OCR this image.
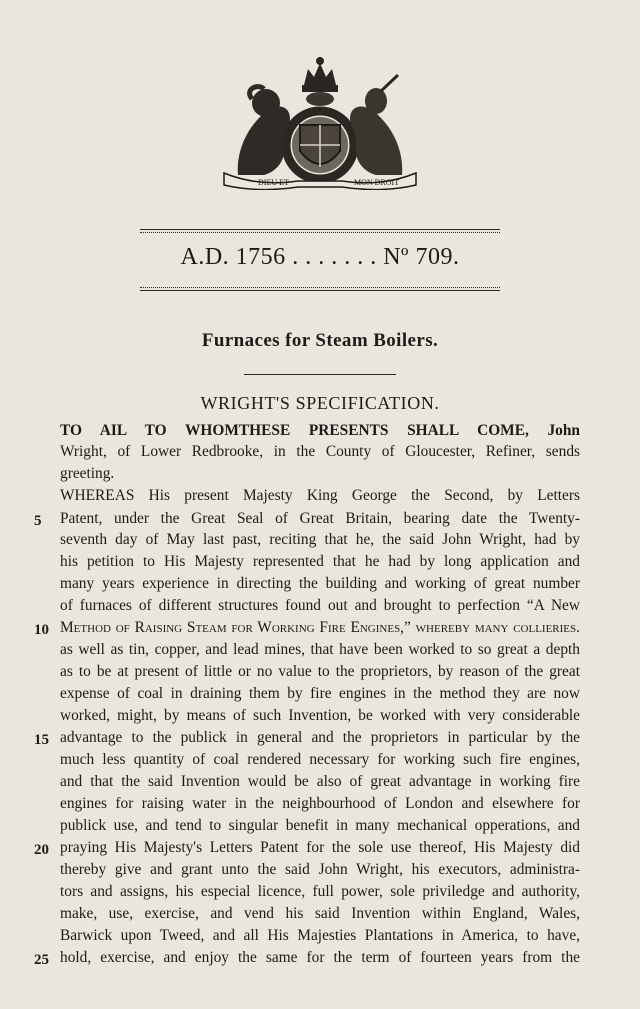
DIEU ET	MON DROIT
A.D. 1756 . . . . . . . Nº 709.
Furnaces for Steam Boilers.
WRIGHT'S SPECIFICATION.
TO AIL TO WHOMTHESE PRESENTS SHALL COME, John
Wright, of Lower Redbrooke, in the County of Gloucester, Refiner, sends
greeting.
WHEREAS His present Majesty King George the Second, by Letters
Patent, under the Great Seal of Great Britain, bearing date the Twenty-
seventh day of May last past, reciting that he, the said John Wright, had by
his petition to His Majesty represented that he had by long application and
many years experience in directing the building and working of great number
of furnaces of different structures found out and brought to perfection “A New
Method of Raising Steam for Working Fire Engines,” whereby many collieries.
as well as tin, copper, and lead mines, that have been worked to so great a depth
as to be at present of little or no value to the proprietors, by reason of the great
expense of coal in draining them by fire engines in the method they are now
worked, might, by means of such Invention, be worked with very considerable
advantage to the publick in general and the proprietors in particular by the
much less quantity of coal rendered necessary for working such fire engines,
and that the said Invention would be also of great advantage in working fire
engines for raising water in the neighbourhood of London and elsewhere for
publick use, and tend to singular benefit in many mechanical opperations, and
praying His Majesty's Letters Patent for the sole use thereof, His Majesty did
thereby give and grant unto the said John Wright, his executors, administra-
tors and assigns, his especial licence, full power, sole priviledge and authority,
make, use, exercise, and vend his said Invention within England, Wales,
Barwick upon Tweed, and all His Majesties Plantations in America, to have,
hold, exercise, and enjoy the same for the term of fourteen years from the
5
10
15
20
25
